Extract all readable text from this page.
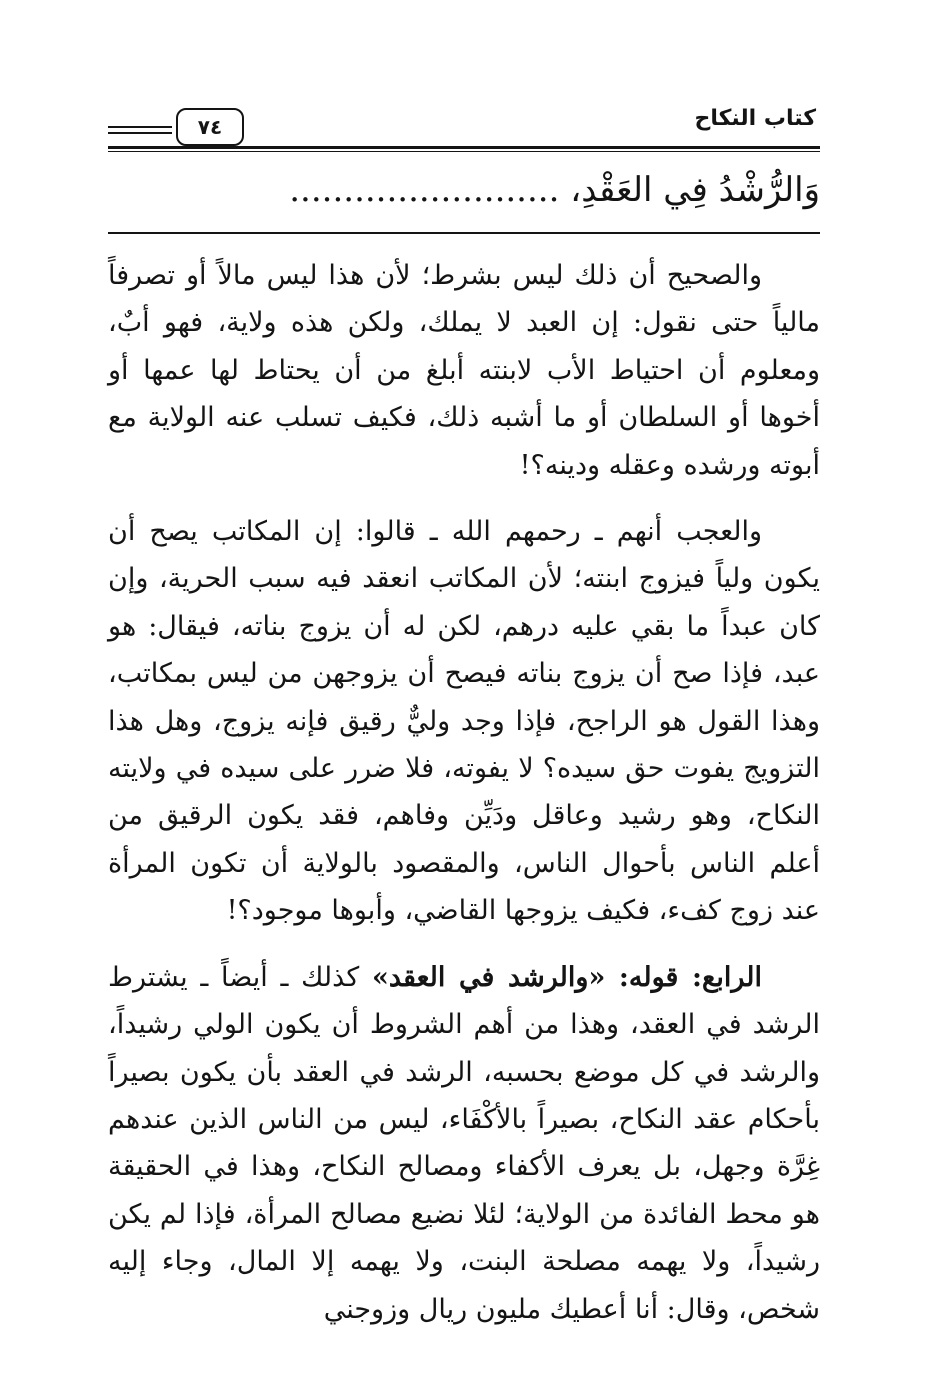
كتاب النكاح
٧٤
وَالرُّشْدُ فِي العَقْدِ، .........................

والصحيح أن ذلك ليس بشرط؛ لأن هذا ليس مالاً أو تصرفاً مالياً حتى نقول: إن العبد لا يملك، ولكن هذه ولاية، فهو أبٌ، ومعلوم أن احتياط الأب لابنته أبلغ من أن يحتاط لها عمها أو أخوها أو السلطان أو ما أشبه ذلك، فكيف تسلب عنه الولاية مع أبوته ورشده وعقله ودينه؟!

والعجب أنهم ـ رحمهم الله ـ قالوا: إن المكاتب يصح أن يكون ولياً فيزوج ابنته؛ لأن المكاتب انعقد فيه سبب الحرية، وإن كان عبداً ما بقي عليه درهم، لكن له أن يزوج بناته، فيقال: هو عبد، فإذا صح أن يزوج بناته فيصح أن يزوجهن من ليس بمكاتب، وهذا القول هو الراجح، فإذا وجد وليٌّ رقيق فإنه يزوج، وهل هذا التزويج يفوت حق سيده؟ لا يفوته، فلا ضرر على سيده في ولايته النكاح، وهو رشيد وعاقل ودَيِّن وفاهم، فقد يكون الرقيق من أعلم الناس بأحوال الناس، والمقصود بالولاية أن تكون المرأة عند زوج كفء، فكيف يزوجها القاضي، وأبوها موجود؟!

الرابع: قوله: «والرشد في العقد» كذلك ـ أيضاً ـ يشترط الرشد في العقد، وهذا من أهم الشروط أن يكون الولي رشيداً، والرشد في كل موضع بحسبه، الرشد في العقد بأن يكون بصيراً بأحكام عقد النكاح، بصيراً بالأكْفَاء، ليس من الناس الذين عندهم غِرَّة وجهل، بل يعرف الأكفاء ومصالح النكاح، وهذا في الحقيقة هو محط الفائدة من الولاية؛ لئلا نضيع مصالح المرأة، فإذا لم يكن رشيداً، ولا يهمه مصلحة البنت، ولا يهمه إلا المال، وجاء إليه شخص، وقال: أنا أعطيك مليون ريال وزوجني
